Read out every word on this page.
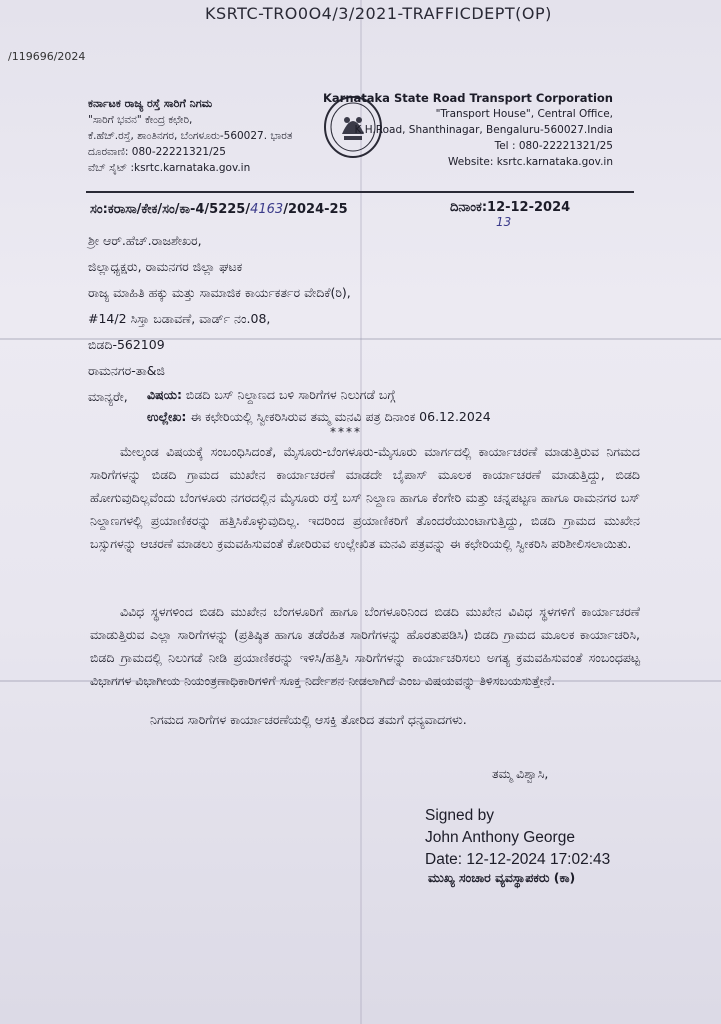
KSRTC-TRO0O4/3/2021-TRAFFICDEPT(OP)
/119696/2024
ಕರ್ನಾಟಕ ರಾಜ್ಯ ರಸ್ತೆ ಸಾರಿಗೆ ನಿಗಮ
"ಸಾರಿಗೆ ಭವನ" ಕೇಂದ್ರ ಕಛೇರಿ,
ಕೆ.ಹೆಚ್.ರಸ್ತೆ, ಶಾಂತಿನಗರ, ಬೆಂಗಳೂರು-560027. ಭಾರತ
ದೂರವಾಣಿ: 080-22221321/25
ವೆಬ್ ಸೈಟ್ :ksrtc.karnataka.gov.in
Karnataka State Road Transport Corporation
"Transport House", Central Office,
K.H.Road, Shanthinagar, Bengaluru-560027.India
Tel : 080-22221321/25
Website: ksrtc.karnataka.gov.in
ಸಂ:ಕರಾಸಾ/ಕೇಕ/ಸಂ/ಕಾ-4/5225/4163/2024-25	ದಿನಾಂಕ:12-12-2024
13
ಶ್ರೀ ಆರ್.ಹೆಚ್.ರಾಜಶೇಖರ,
ಜಿಲ್ಲಾಧ್ಯಕ್ಷರು, ರಾಮನಗರ ಜಿಲ್ಲಾ ಘಟಕ
ರಾಜ್ಯ ಮಾಹಿತಿ ಹಕ್ಕು ಮತ್ತು ಸಾಮಾಜಿಕ ಕಾರ್ಯಕರ್ತರ ವೇದಿಕೆ(ರಿ),
#14/2 ಸಿಸ್ತಾ ಬಡಾವಣೆ, ವಾರ್ಡ್ ನಂ.08,
ಬಿಡದಿ-562109
ರಾಮನಗರ-ತಾ&ಜಿ
ಮಾನ್ಯರೇ,	ವಿಷಯ: ಬಿಡದಿ ಬಸ್ ನಿಲ್ದಾಣದ ಬಳಿ ಸಾರಿಗೆಗಳ ನಿಲುಗಡೆ ಬಗ್ಗೆ
ಉಲ್ಲೇಖ: ಈ ಕಛೇರಿಯಲ್ಲಿ ಸ್ವೀಕರಿಸಿರುವ ತಮ್ಮ ಮನವಿ ಪತ್ರ ದಿನಾಂಕ 06.12.2024
****
ಮೇಲ್ಕಂಡ ವಿಷಯಕ್ಕೆ ಸಂಬಂಧಿಸಿದಂತೆ, ಮೈಸೂರು-ಬೆಂಗಳೂರು-ಮೈಸೂರು ಮಾರ್ಗದಲ್ಲಿ ಕಾರ್ಯಾಚರಣೆ ಮಾಡುತ್ತಿರುವ ನಿಗಮದ ಸಾರಿಗೆಗಳನ್ನು ಬಿಡದಿ ಗ್ರಾಮದ ಮುಖೇನ ಕಾರ್ಯಾಚರಣೆ ಮಾಡದೇ ಬೈಪಾಸ್ ಮೂಲಕ ಕಾರ್ಯಾಚರಣೆ ಮಾಡುತ್ತಿದ್ದು, ಬಿಡದಿ ಹೋಗುವುದಿಲ್ಲವೆಂದು ಬೆಂಗಳೂರು ನಗರದಲ್ಲಿನ ಮೈಸೂರು ರಸ್ತೆ ಬಸ್ ನಿಲ್ದಾಣ ಹಾಗೂ ಕೆಂಗೇರಿ ಮತ್ತು ಚನ್ನಪಟ್ಟಣ ಹಾಗೂ ರಾಮನಗರ ಬಸ್ ನಿಲ್ದಾಣಗಳಲ್ಲಿ ಪ್ರಯಾಣಿಕರನ್ನು ಹತ್ತಿಸಿಕೊಳ್ಳುವುದಿಲ್ಲ. ಇದರಿಂದ ಪ್ರಯಾಣಿಕರಿಗೆ ತೊಂದರೆಯುಂಟಾಗುತ್ತಿದ್ದು, ಬಿಡದಿ ಗ್ರಾಮದ ಮುಖೇನ ಬಸ್ಸುಗಳನ್ನು ಆಚರಣೆ ಮಾಡಲು ಕ್ರಮವಹಿಸುವಂತೆ ಕೋರಿರುವ ಉಲ್ಲೇಖಿತ ಮನವಿ ಪತ್ರವನ್ನು ಈ ಕಛೇರಿಯಲ್ಲಿ ಸ್ವೀಕರಿಸಿ ಪರಿಶೀಲಿಸಲಾಯಿತು.
ವಿವಿಧ ಸ್ಥಳಗಳಿಂದ ಬಿಡದಿ ಮುಖೇನ ಬೆಂಗಳೂರಿಗೆ ಹಾಗೂ ಬೆಂಗಳೂರಿನಿಂದ ಬಿಡದಿ ಮುಖೇನ ವಿವಿಧ ಸ್ಥಳಗಳಿಗೆ ಕಾರ್ಯಾಚರಣೆ ಮಾಡುತ್ತಿರುವ ಎಲ್ಲಾ ಸಾರಿಗೆಗಳನ್ನು (ಪ್ರತಿಷ್ಠಿತ ಹಾಗೂ ತಡೆರಹಿತ ಸಾರಿಗೆಗಳನ್ನು ಹೊರತುಪಡಿಸಿ) ಬಿಡದಿ ಗ್ರಾಮದ ಮೂಲಕ ಕಾರ್ಯಾಚರಿಸಿ, ಬಿಡದಿ ಗ್ರಾಮದಲ್ಲಿ ನಿಲುಗಡೆ ನೀಡಿ ಪ್ರಯಾಣಿಕರನ್ನು ಇಳಿಸಿ/ಹತ್ತಿಸಿ ಸಾರಿಗೆಗಳನ್ನು ಕಾರ್ಯಾಚರಿಸಲು ಅಗತ್ಯ ಕ್ರಮವಹಿಸುವಂತೆ ಸಂಬಂಧಪಟ್ಟ ವಿಭಾಗಗಳ ವಿಭಾಗೀಯ ನಿಯಂತ್ರಣಾಧಿಕಾರಿಗಳಿಗೆ ಸೂಕ್ತ ನಿರ್ದೇಶನ ನೀಡಲಾಗಿದೆ ಎಂಬ ವಿಷಯವನ್ನು ತಿಳಿಸಬಯಸುತ್ತೇನೆ.
ನಿಗಮದ ಸಾರಿಗೆಗಳ ಕಾರ್ಯಾಚರಣೆಯಲ್ಲಿ ಆಸಕ್ತಿ ತೋರಿದ ತಮಗೆ ಧನ್ಯವಾದಗಳು.
ತಮ್ಮ ವಿಶ್ವಾಸಿ,
Signed by
John Anthony George
Date: 12-12-2024 17:02:43
ಮುಖ್ಯ ಸಂಚಾರ ವ್ಯವಸ್ಥಾಪಕರು (ಕಾ)
